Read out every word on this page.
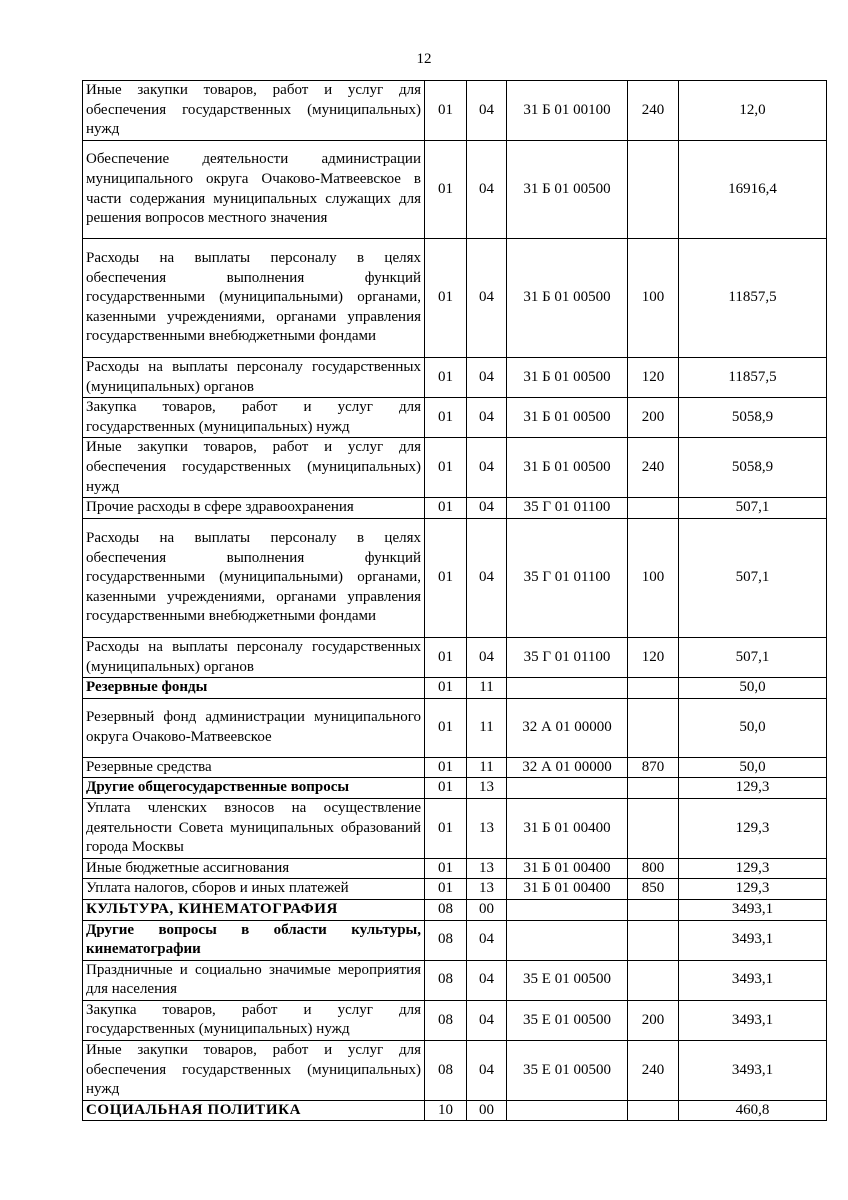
12
Иные закупки товаров, работ и услуг для обеспечения государственных (муниципальных) нужд	01	04	31 Б 01 00100	240	12,0
Обеспечение деятельности администрации муниципального округа Очаково-Матвеевское в части содержания муниципальных служащих для решения вопросов местного значения	01	04	31 Б 01 00500		16916,4
Расходы на выплаты персоналу в целях обеспечения выполнения функций государственными (муниципальными) органами, казенными учреждениями, органами управления государственными внебюджетными фондами	01	04	31 Б 01 00500	100	11857,5
Расходы на выплаты персоналу государственных (муниципальных) органов	01	04	31 Б 01 00500	120	11857,5
Закупка товаров, работ и услуг для государственных (муниципальных) нужд	01	04	31 Б 01 00500	200	5058,9
Иные закупки товаров, работ и услуг для обеспечения государственных (муниципальных) нужд	01	04	31 Б 01 00500	240	5058,9
Прочие расходы в сфере здравоохранения	01	04	35 Г 01 01100		507,1
Расходы на выплаты персоналу в целях обеспечения выполнения функций государственными (муниципальными) органами, казенными учреждениями, органами управления государственными внебюджетными фондами	01	04	35 Г 01 01100	100	507,1
Расходы на выплаты персоналу государственных (муниципальных) органов	01	04	35 Г 01 01100	120	507,1
Резервные фонды	01	11			50,0
Резервный фонд администрации муниципального округа Очаково-Матвеевское	01	11	32 А 01 00000		50,0
Резервные средства	01	11	32 А 01 00000	870	50,0
Другие общегосударственные вопросы	01	13			129,3
Уплата членских взносов на осуществление деятельности Совета муниципальных образований города Москвы	01	13	31 Б 01 00400		129,3
Иные бюджетные ассигнования	01	13	31 Б 01 00400	800	129,3
Уплата налогов, сборов и иных платежей	01	13	31 Б 01 00400	850	129,3
КУЛЬТУРА, КИНЕМАТОГРАФИЯ	08	00			3493,1
Другие вопросы в области культуры, кинематографии	08	04			3493,1
Праздничные и социально значимые мероприятия для населения	08	04	35 Е 01 00500		3493,1
Закупка товаров, работ и услуг для государственных (муниципальных) нужд	08	04	35 Е 01 00500	200	3493,1
Иные закупки товаров, работ и услуг для обеспечения государственных (муниципальных) нужд	08	04	35 Е 01 00500	240	3493,1
СОЦИАЛЬНАЯ ПОЛИТИКА	10	00			460,8
